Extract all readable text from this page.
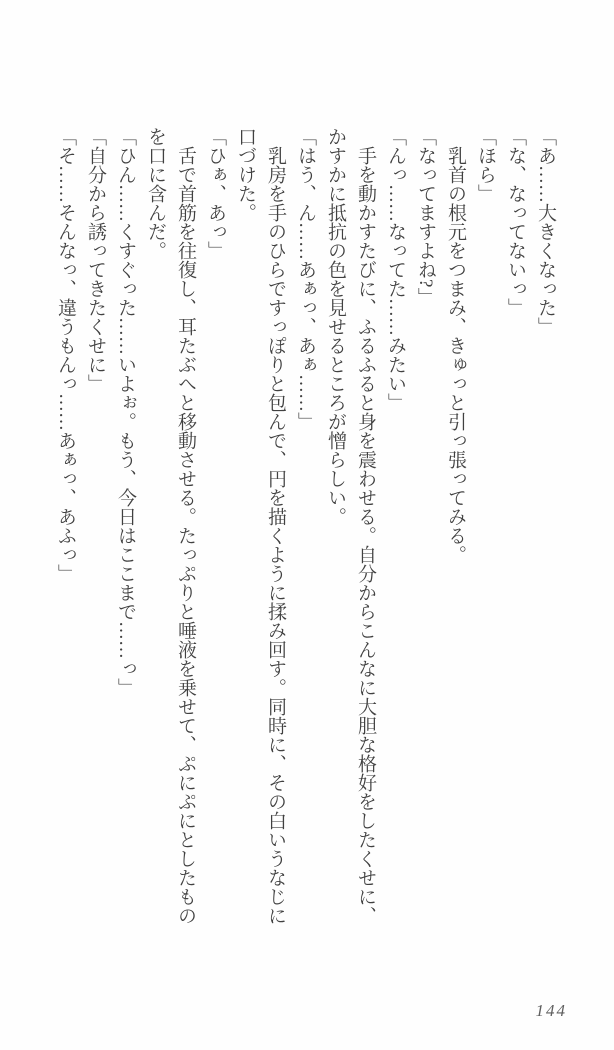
「あ……大きくなった」

「な、なってないっ」

「ほら」

乳首の根元をつまみ、きゅっと引っ張ってみる。

「なってますよね?」

「んっ……なってた……みたい」

手を動かすたびに、ふるふると身を震わせる。自分からこんなに大胆な格好をしたくせに、かすかに抵抗の色を見せるところが憎らしい。

「はう、ん……あぁっ、あぁ……」

乳房を手のひらですっぽりと包んで、円を描くように揉み回す。同時に、その白いうなじに口づけた。

「ひぁ、あっ」

舌で首筋を往復し、耳たぶへと移動させる。たっぷりと唾液を乗せて、ぷにぷにとしたものを口に含んだ。

「ひん……くすぐった……いよぉ。もう、今日はここまで……っ」

「自分から誘ってきたくせに」

「そ……そんなっ、違うもんっ……あぁっ、あふっ」

144
